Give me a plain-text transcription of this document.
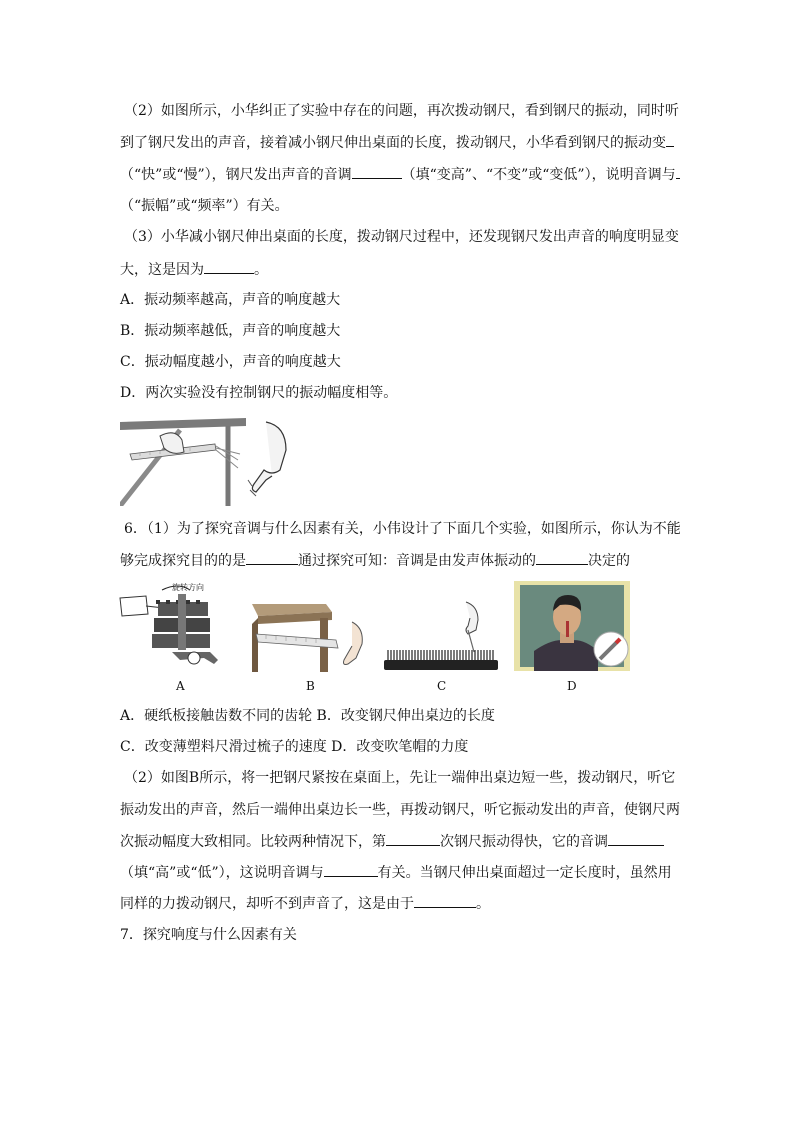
（2）如图所示，小华纠正了实验中存在的问题，再次拨动钢尺，看到钢尺的振动，同时听
到了钢尺发出的声音，接着减小钢尺伸出桌面的长度，拨动钢尺，小华看到钢尺的振动变
（“快”或“慢”），钢尺发出声音的音调	（填“变高”、“不变”或“变低”），说明音调与
（“振幅”或“频率”）有关。
（3）小华减小钢尺伸出桌面的长度，拨动钢尺过程中，还发现钢尺发出声音的响度明显变
大，这是因为	。
A．振动频率越高，声音的响度越大
B．振动频率越低，声音的响度越大
C．振动幅度越小，声音的响度越大
D．两次实验没有控制钢尺的振动幅度相等。
6．（1）为了探究音调与什么因素有关，小伟设计了下面几个实验，如图所示，你认为不能
够完成探究目的的是	通过探究可知：音调是由发声体振动的	决定的
旋转方向
A	B	C	D
A．硬纸板接触齿数不同的齿轮 B．改变钢尺伸出桌边的长度
C．改变薄塑料尺滑过梳子的速度 D．改变吹笔帽的力度
（2）如图B所示，将一把钢尺紧按在桌面上，先让一端伸出桌边短一些，拨动钢尺，听它
振动发出的声音，然后一端伸出桌边长一些，再拨动钢尺，听它振动发出的声音，使钢尺两
次振动幅度大致相同。比较两种情况下，第	次钢尺振动得快，它的音调
（填“高”或“低”），这说明音调与	有关。当钢尺伸出桌面超过一定长度时，虽然用
同样的力拨动钢尺，却听不到声音了，这是由于	。
7．探究响度与什么因素有关
